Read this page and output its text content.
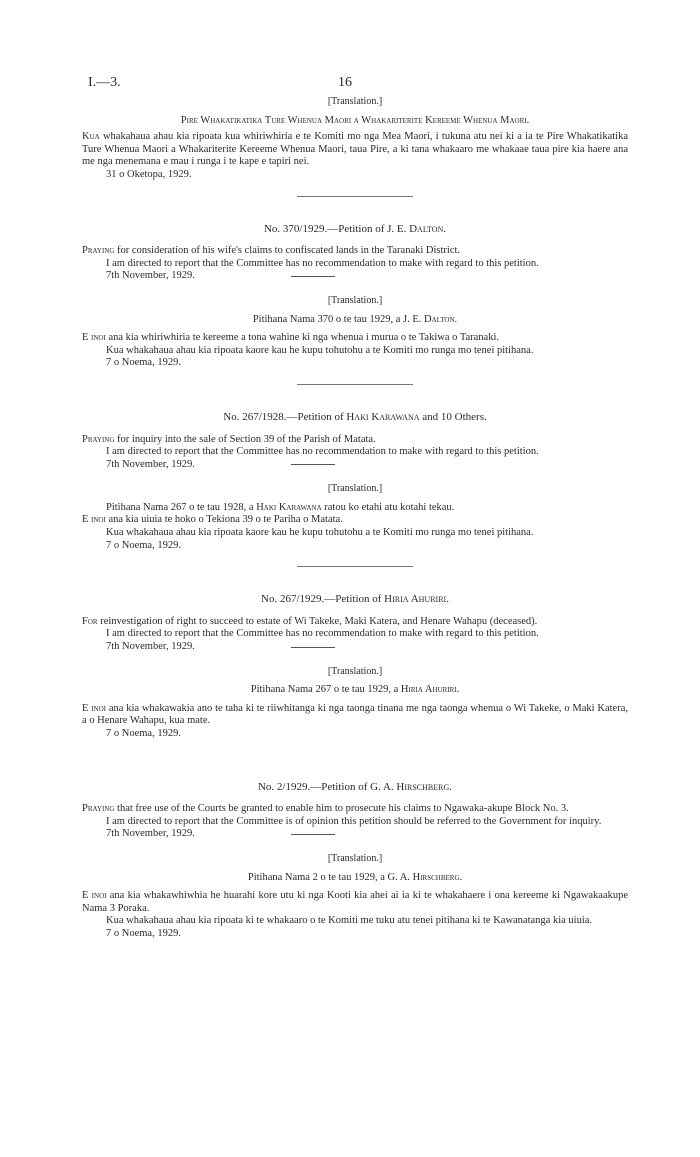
I.—3.	16
[Translation.]

Pire Whakatikatika Ture Whenua Maori a Whakariterite Kereeme Whenua Maori.

Kua whakahaua ahau kia ripoata kua whiriwhiria e te Komiti mo nga Mea Maori, i tukuna atu nei ki a ia te Pire Whakatikatika Ture Whenua Maori a Whakariterite Kereeme Whenua Maori, taua Pire, a ki tana whakaaro me whakaae taua pire kia haere ana me nga menemana e mau i runga i te kape e tapiri nei.

31 o Oketopa, 1929.

No. 370/1929.—Petition of J. E. Dalton.

Praying for consideration of his wife's claims to confiscated lands in the Taranaki District.

I am directed to report that the Committee has no recommendation to make with regard to this petition.

7th November, 1929.
[Translation.]

Pitihana Nama 370 o te tau 1929, a J. E. Dalton.

E inoi ana kia whiriwhiria te kereeme a tona wahine ki nga whenua i murua o te Takiwa o Taranaki.

Kua whakahaua ahau kia ripoata kaore kau he kupu tohutohu a te Komiti mo runga mo tenei pitihana.

7 o Noema, 1929.

No. 267/1928.—Petition of Haki Karawana and 10 Others.

Praying for inquiry into the sale of Section 39 of the Parish of Matata.

I am directed to report that the Committee has no recommendation to make with regard to this petition.

7th November, 1929.
[Translation.]

Pitihana Nama 267 o te tau 1928, a Haki Karawana ratou ko etahi atu kotahi tekau.

E inoi ana kia uiuia te hoko o Tekiona 39 o te Pariha o Matata.

Kua whakahaua ahau kia ripoata kaore kau he kupu tohutohu a te Komiti mo runga mo tenei pitihana.

7 o Noema, 1929.

No. 267/1929.—Petition of Hiria Ahuriri.

For reinvestigation of right to succeed to estate of Wi Takeke, Maki Katera, and Henare Wahapu (deceased).

I am directed to report that the Committee has no recommendation to make with regard to this petition.

7th November, 1929.
[Translation.]

Pitihana Nama 267 o te tau 1929, a Hiria Ahuriri.

E inoi ana kia whakawakia ano te taha ki te riiwhitanga ki nga taonga tinana me nga taonga whenua o Wi Takeke, o Maki Katera, a o Henare Wahapu, kua mate.

7 o Noema, 1929.

No. 2/1929.—Petition of G. A. Hirschberg.

Praying that free use of the Courts be granted to enable him to prosecute his claims to Ngawaka-akupe Block No. 3.

I am directed to report that the Committee is of opinion this petition should be referred to the Government for inquiry.

7th November, 1929.
[Translation.]

Pitihana Nama 2 o te tau 1929, a G. A. Hirschberg.

E inoi ana kia whakawhiwhia he huarahi kore utu ki nga Kooti kia ahei ai ia ki te whakahaere i ona kereeme ki Ngawakaakupe Nama 3 Poraka.

Kua whakahaua ahau kia ripoata ki te whakaaro o te Komiti me tuku atu tenei pitihana ki te Kawanatanga kia uiuia.

7 o Noema, 1929.
